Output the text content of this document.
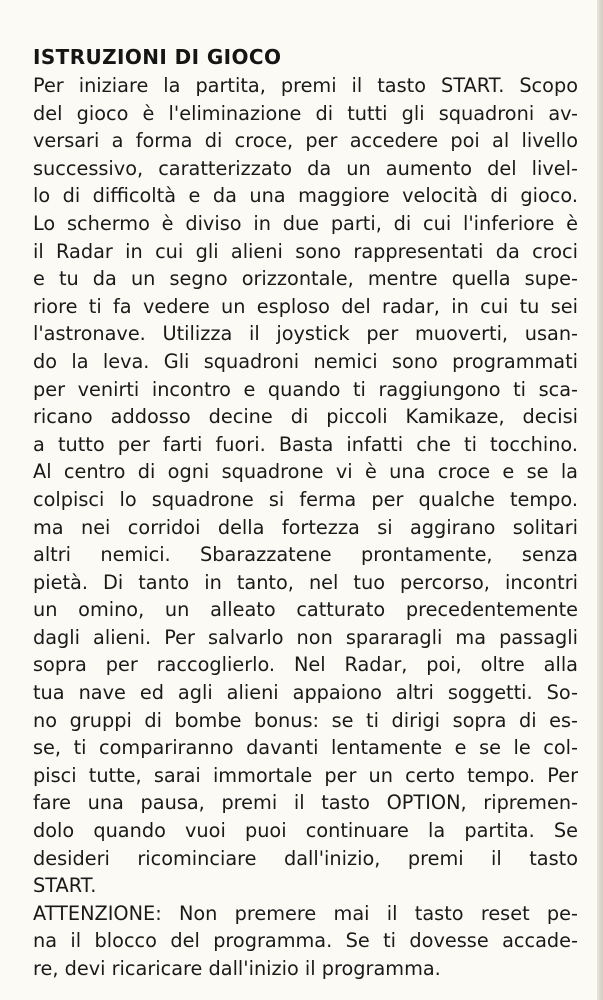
ISTRUZIONI DI GIOCO
Per iniziare la partita, premi il tasto START. Scopo
del gioco è l'eliminazione di tutti gli squadroni av-
versari a forma di croce, per accedere poi al livello
successivo, caratterizzato da un aumento del livel-
lo di difficoltà e da una maggiore velocità di gioco.
Lo schermo è diviso in due parti, di cui l'inferiore è
il Radar in cui gli alieni sono rappresentati da croci
e tu da un segno orizzontale, mentre quella supe-
riore ti fa vedere un esploso del radar, in cui tu sei
l'astronave. Utilizza il joystick per muoverti, usan-
do la leva. Gli squadroni nemici sono programmati
per venirti incontro e quando ti raggiungono ti sca-
ricano addosso decine di piccoli Kamikaze, decisi
a tutto per farti fuori. Basta infatti che ti tocchino.
Al centro di ogni squadrone vi è una croce e se la
colpisci lo squadrone si ferma per qualche tempo.
ma nei corridoi della fortezza si aggirano solitari
altri nemici. Sbarazzatene prontamente, senza
pietà. Di tanto in tanto, nel tuo percorso, incontri
un omino, un alleato catturato precedentemente
dagli alieni. Per salvarlo non spararagli ma passagli
sopra per raccoglierlo. Nel Radar, poi, oltre alla
tua nave ed agli alieni appaiono altri soggetti. So-
no gruppi di bombe bonus: se ti dirigi sopra di es-
se, ti compariranno davanti lentamente e se le col-
pisci tutte, sarai immortale per un certo tempo. Per
fare una pausa, premi il tasto OPTION, ripremen-
dolo quando vuoi puoi continuare la partita. Se
desideri ricominciare dall'inizio, premi il tasto
START.
ATTENZIONE: Non premere mai il tasto reset pe-
na il blocco del programma. Se ti dovesse accade-
re, devi ricaricare dall'inizio il programma.
